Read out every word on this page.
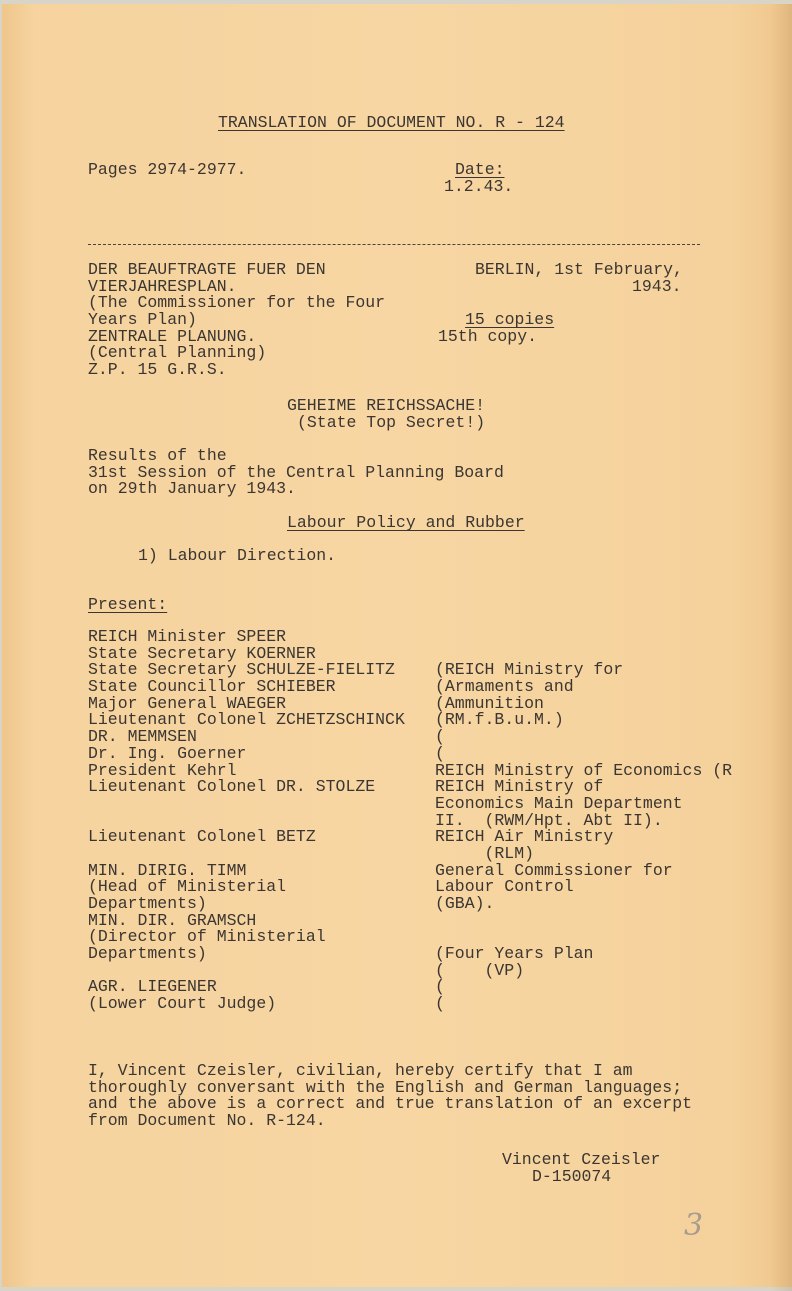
TRANSLATION OF DOCUMENT NO. R - 124
Pages 2974-2977.	Date:
1.2.43.
DER BEAUFTRAGTE FUER DEN
VIERJAHRESPLAN.
(The Commissioner for the Four
Years Plan)
ZENTRALE PLANUNG.
(Central Planning)
Z.P. 15 G.R.S.
BERLIN, 1st February,
1943.
15 copies
15th copy.
GEHEIME REICHSSACHE!
(State Top Secret!)
Results of the
31st Session of the Central Planning Board
on 29th January 1943.
Labour Policy and Rubber
1) Labour Direction.
Present:
REICH Minister SPEER
State Secretary KOERNER
State Secretary SCHULZE-FIELITZ
State Councillor SCHIEBER
Major General WAEGER
Lieutenant Colonel ZCHETZSCHINCK
DR. MEMMSEN
Dr. Ing. Goerner
President Kehrl
Lieutenant Colonel DR. STOLZE
Lieutenant Colonel BETZ
MIN. DIRIG. TIMM
(Head of Ministerial
Departments)
MIN. DIR. GRAMSCH
(Director of Ministerial
Departments)
AGR. LIEGENER
(Lower Court Judge)
(REICH Ministry for
(Armaments and
(Ammunition
(RM.f.B.u.M.)
(
(
REICH Ministry of Economics (R
REICH Ministry of
Economics Main Department
II.  (RWM/Hpt. Abt II).
REICH Air Ministry
(RLM)
General Commissioner for
Labour Control
(GBA).
(Four Years Plan
(    (VP)
(
(
I, Vincent Czeisler, civilian, hereby certify that I am
thoroughly conversant with the English and German languages;
and the above is a correct and true translation of an excerpt
from Document No. R-124.
Vincent Czeisler
D-150074
3
